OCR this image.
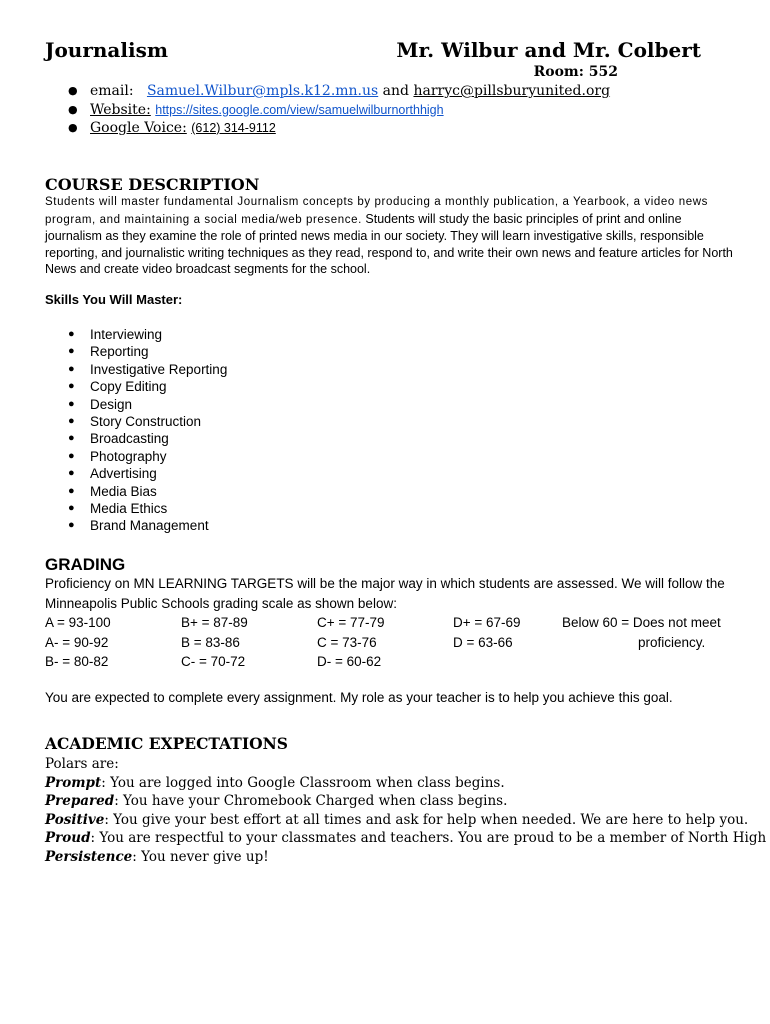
Journalism	Mr. Wilbur and Mr. Colbert
Room: 552
● email: Samuel.Wilbur@mpls.k12.mn.us and harryc@pillsburyunited.org
● Website: https://sites.google.com/view/samuelwilburnorthhigh
● Google Voice: (612) 314-9112
COURSE DESCRIPTION
Students will master fundamental Journalism concepts by producing a monthly publication, a Yearbook, a video news program, and maintaining a social media/web presence. Students will study the basic principles of print and online journalism as they examine the role of printed news media in our society. They will learn investigative skills, responsible reporting, and journalistic writing techniques as they read, respond to, and write their own news and feature articles for North News and create video broadcast segments for the school.
Skills You Will Master:
● Interviewing
● Reporting
● Investigative Reporting
● Copy Editing
● Design
● Story Construction
● Broadcasting
● Photography
● Advertising
● Media Bias
● Media Ethics
● Brand Management
GRADING
Proficiency on MN LEARNING TARGETS will be the major way in which students are assessed. We will follow the Minneapolis Public Schools grading scale as shown below:
A = 93-100
A- = 90-92
B- = 80-82
B+ = 87-89
B = 83-86
C- = 70-72
C+ = 77-79
C = 73-76
D- = 60-62
D+ = 67-69
D = 63-66
Below 60 = Does not meet
proficiency.
You are expected to complete every assignment. My role as your teacher is to help you achieve this goal.
ACADEMIC EXPECTATIONS
Polars are:
Prompt: You are logged into Google Classroom when class begins.
Prepared: You have your Chromebook Charged when class begins.
Positive: You give your best effort at all times and ask for help when needed. We are here to help you.
Proud: You are respectful to your classmates and teachers. You are proud to be a member of North High
Persistence: You never give up!
